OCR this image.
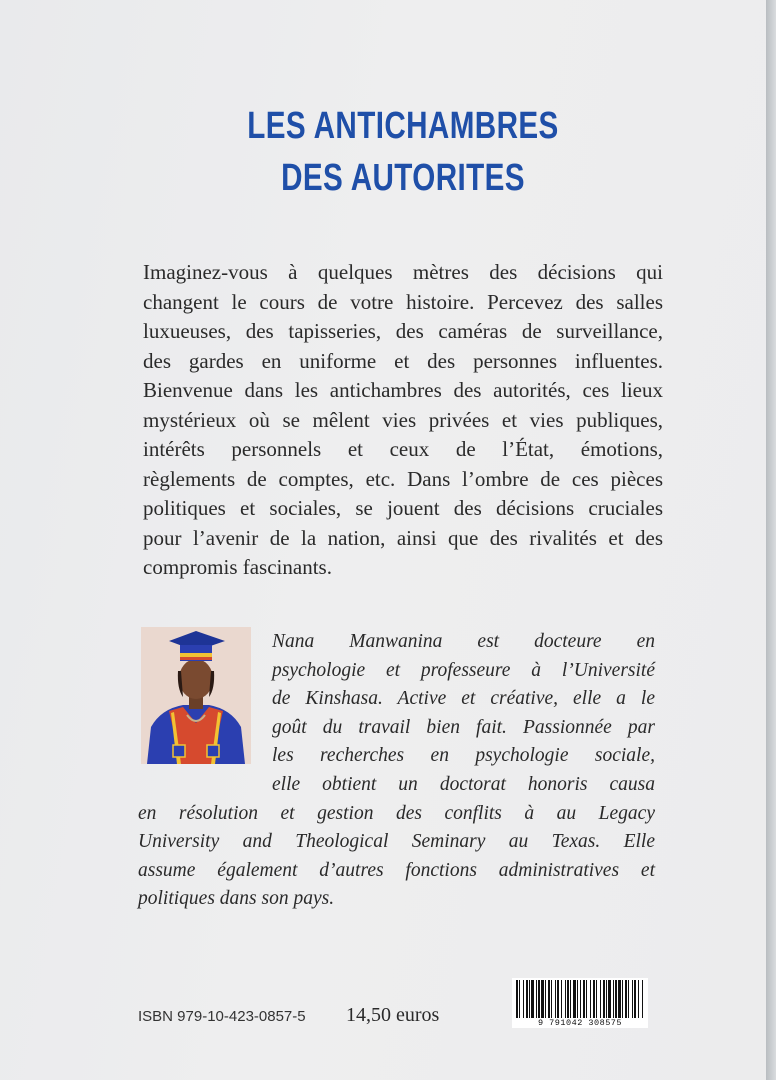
LES ANTICHAMBRES
DES AUTORITES
Imaginez-vous à quelques mètres des décisions qui
changent le cours de votre histoire. Percevez des salles
luxueuses, des tapisseries, des caméras de surveillance,
des gardes en uniforme et des personnes influentes.
Bienvenue dans les antichambres des autorités, ces lieux
mystérieux où se mêlent vies privées et vies publiques,
intérêts personnels et ceux de l’État, émotions,
règlements de comptes, etc. Dans l’ombre de ces pièces
politiques et sociales, se jouent des décisions cruciales
pour l’avenir de la nation, ainsi que des rivalités et des
compromis fascinants.
Nana Manwanina est docteure en
psychologie et professeure à l’Université
de Kinshasa. Active et créative, elle a le
goût du travail bien fait. Passionnée par
les recherches en psychologie sociale,
elle obtient un doctorat honoris causa
en résolution et gestion des conflits à au Legacy
University and Theological Seminary au Texas. Elle
assume également d’autres fonctions administratives et
politiques dans son pays.
ISBN 979-10-423-0857-5 14,50 euros	9 791042 308575
